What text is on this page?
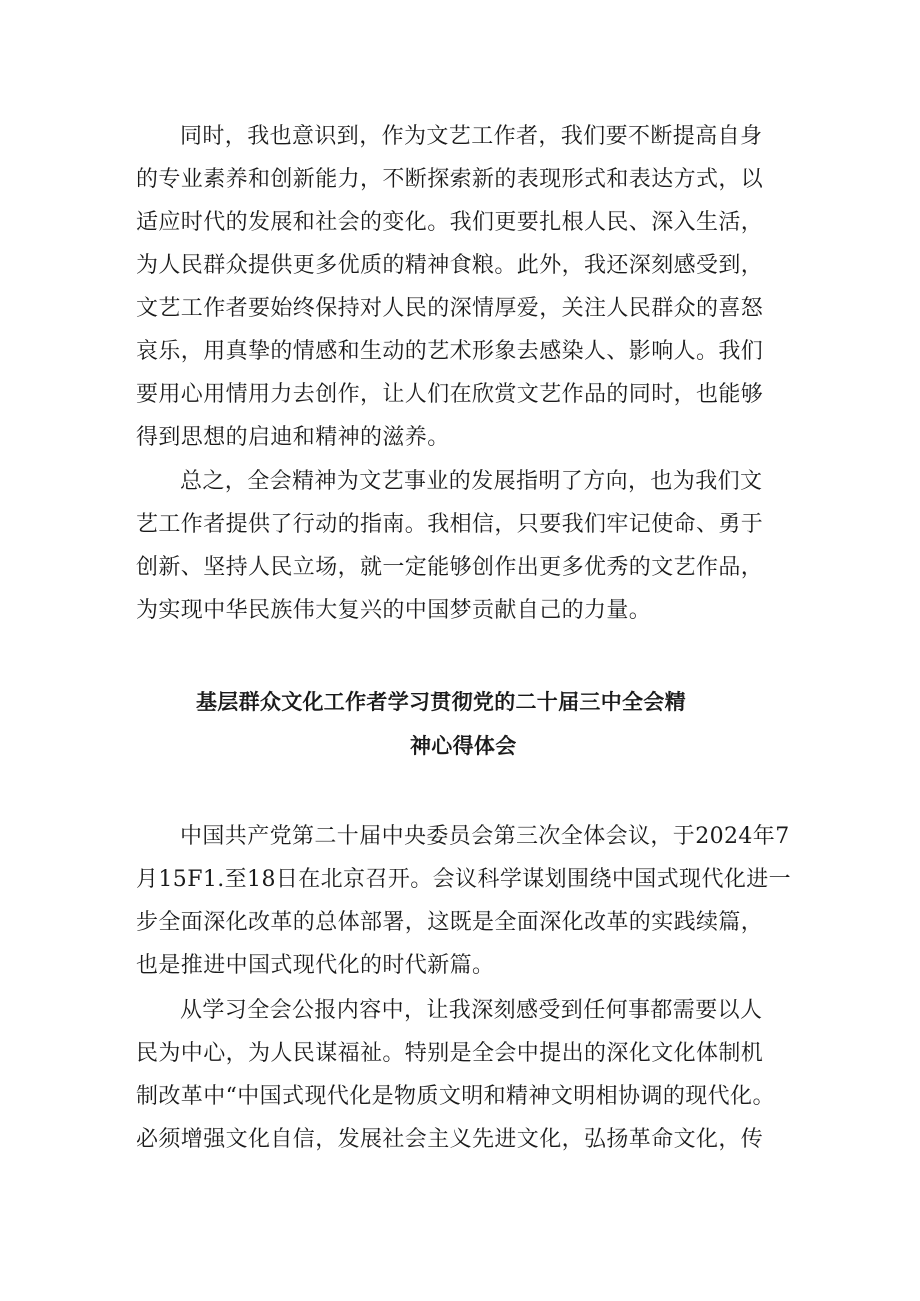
同时，我也意识到，作为文艺工作者，我们要不断提高自身
的专业素养和创新能力，不断探索新的表现形式和表达方式，以
适应时代的发展和社会的变化。我们更要扎根人民、深入生活，
为人民群众提供更多优质的精神食粮。此外，我还深刻感受到，
文艺工作者要始终保持对人民的深情厚爱，关注人民群众的喜怒
哀乐，用真挚的情感和生动的艺术形象去感染人、影响人。我们
要用心用情用力去创作，让人们在欣赏文艺作品的同时，也能够
得到思想的启迪和精神的滋养。
总之，全会精神为文艺事业的发展指明了方向，也为我们文
艺工作者提供了行动的指南。我相信，只要我们牢记使命、勇于
创新、坚持人民立场，就一定能够创作出更多优秀的文艺作品，
为实现中华民族伟大复兴的中国梦贡献自己的力量。
基层群众文化工作者学习贯彻党的二十届三中全会精
神心得体会
中国共产党第二十届中央委员会第三次全体会议，于2024年7
月15F1.至18日在北京召开。会议科学谋划围绕中国式现代化进一
步全面深化改革的总体部署，这既是全面深化改革的实践续篇，
也是推进中国式现代化的时代新篇。
从学习全会公报内容中，让我深刻感受到任何事都需要以人
民为中心，为人民谋福祉。特别是全会中提出的深化文化体制机
制改革中“中国式现代化是物质文明和精神文明相协调的现代化。
必须增强文化自信，发展社会主义先进文化，弘扬革命文化，传
